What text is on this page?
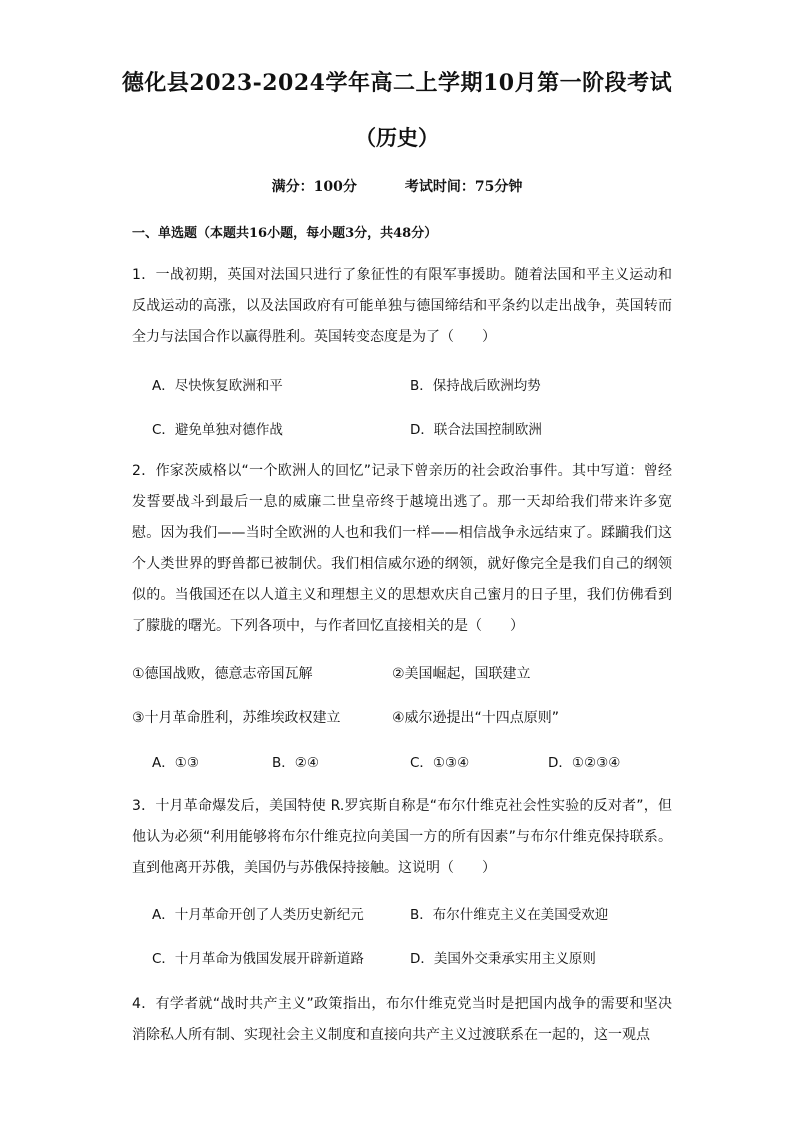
德化县2023-2024学年高二上学期10月第一阶段考试
（历史）
满分：100分	考试时间：75分钟
一、单选题（本题共16小题，每小题3分，共48分）
1．一战初期，英国对法国只进行了象征性的有限军事援助。随着法国和平主义运动和反战运动的高涨，以及法国政府有可能单独与德国缔结和平条约以走出战争，英国转而全力与法国合作以赢得胜利。英国转变态度是为了（　　）
A．尽快恢复欧洲和平	B．保持战后欧洲均势
C．避免单独对德作战	D．联合法国控制欧洲
2．作家茨威格以“一个欧洲人的回忆”记录下曾亲历的社会政治事件。其中写道：曾经发誓要战斗到最后一息的威廉二世皇帝终于越境出逃了。那一天却给我们带来许多宽慰。因为我们——当时全欧洲的人也和我们一样——相信战争永远结束了。蹂躏我们这个人类世界的野兽都已被制伏。我们相信威尔逊的纲领，就好像完全是我们自己的纲领似的。当俄国还在以人道主义和理想主义的思想欢庆自己蜜月的日子里，我们仿佛看到了朦胧的曙光。下列各项中，与作者回忆直接相关的是（　　）
①德国战败，德意志帝国瓦解	②美国崛起，国联建立
③十月革命胜利，苏维埃政权建立	④威尔逊提出“十四点原则”
A．①③	B．②④	C．①③④	D．①②③④
3．十月革命爆发后，美国特使 R.罗宾斯自称是“布尔什维克社会性实验的反对者”，但他认为必须“利用能够将布尔什维克拉向美国一方的所有因素”与布尔什维克保持联系。直到他离开苏俄，美国仍与苏俄保持接触。这说明（　　）
A．十月革命开创了人类历史新纪元	B．布尔什维克主义在美国受欢迎
C．十月革命为俄国发展开辟新道路	D．美国外交秉承实用主义原则
4．有学者就“战时共产主义”政策指出，布尔什维克党当时是把国内战争的需要和坚决消除私人所有制、实现社会主义制度和直接向共产主义过渡联系在一起的，这一观点
